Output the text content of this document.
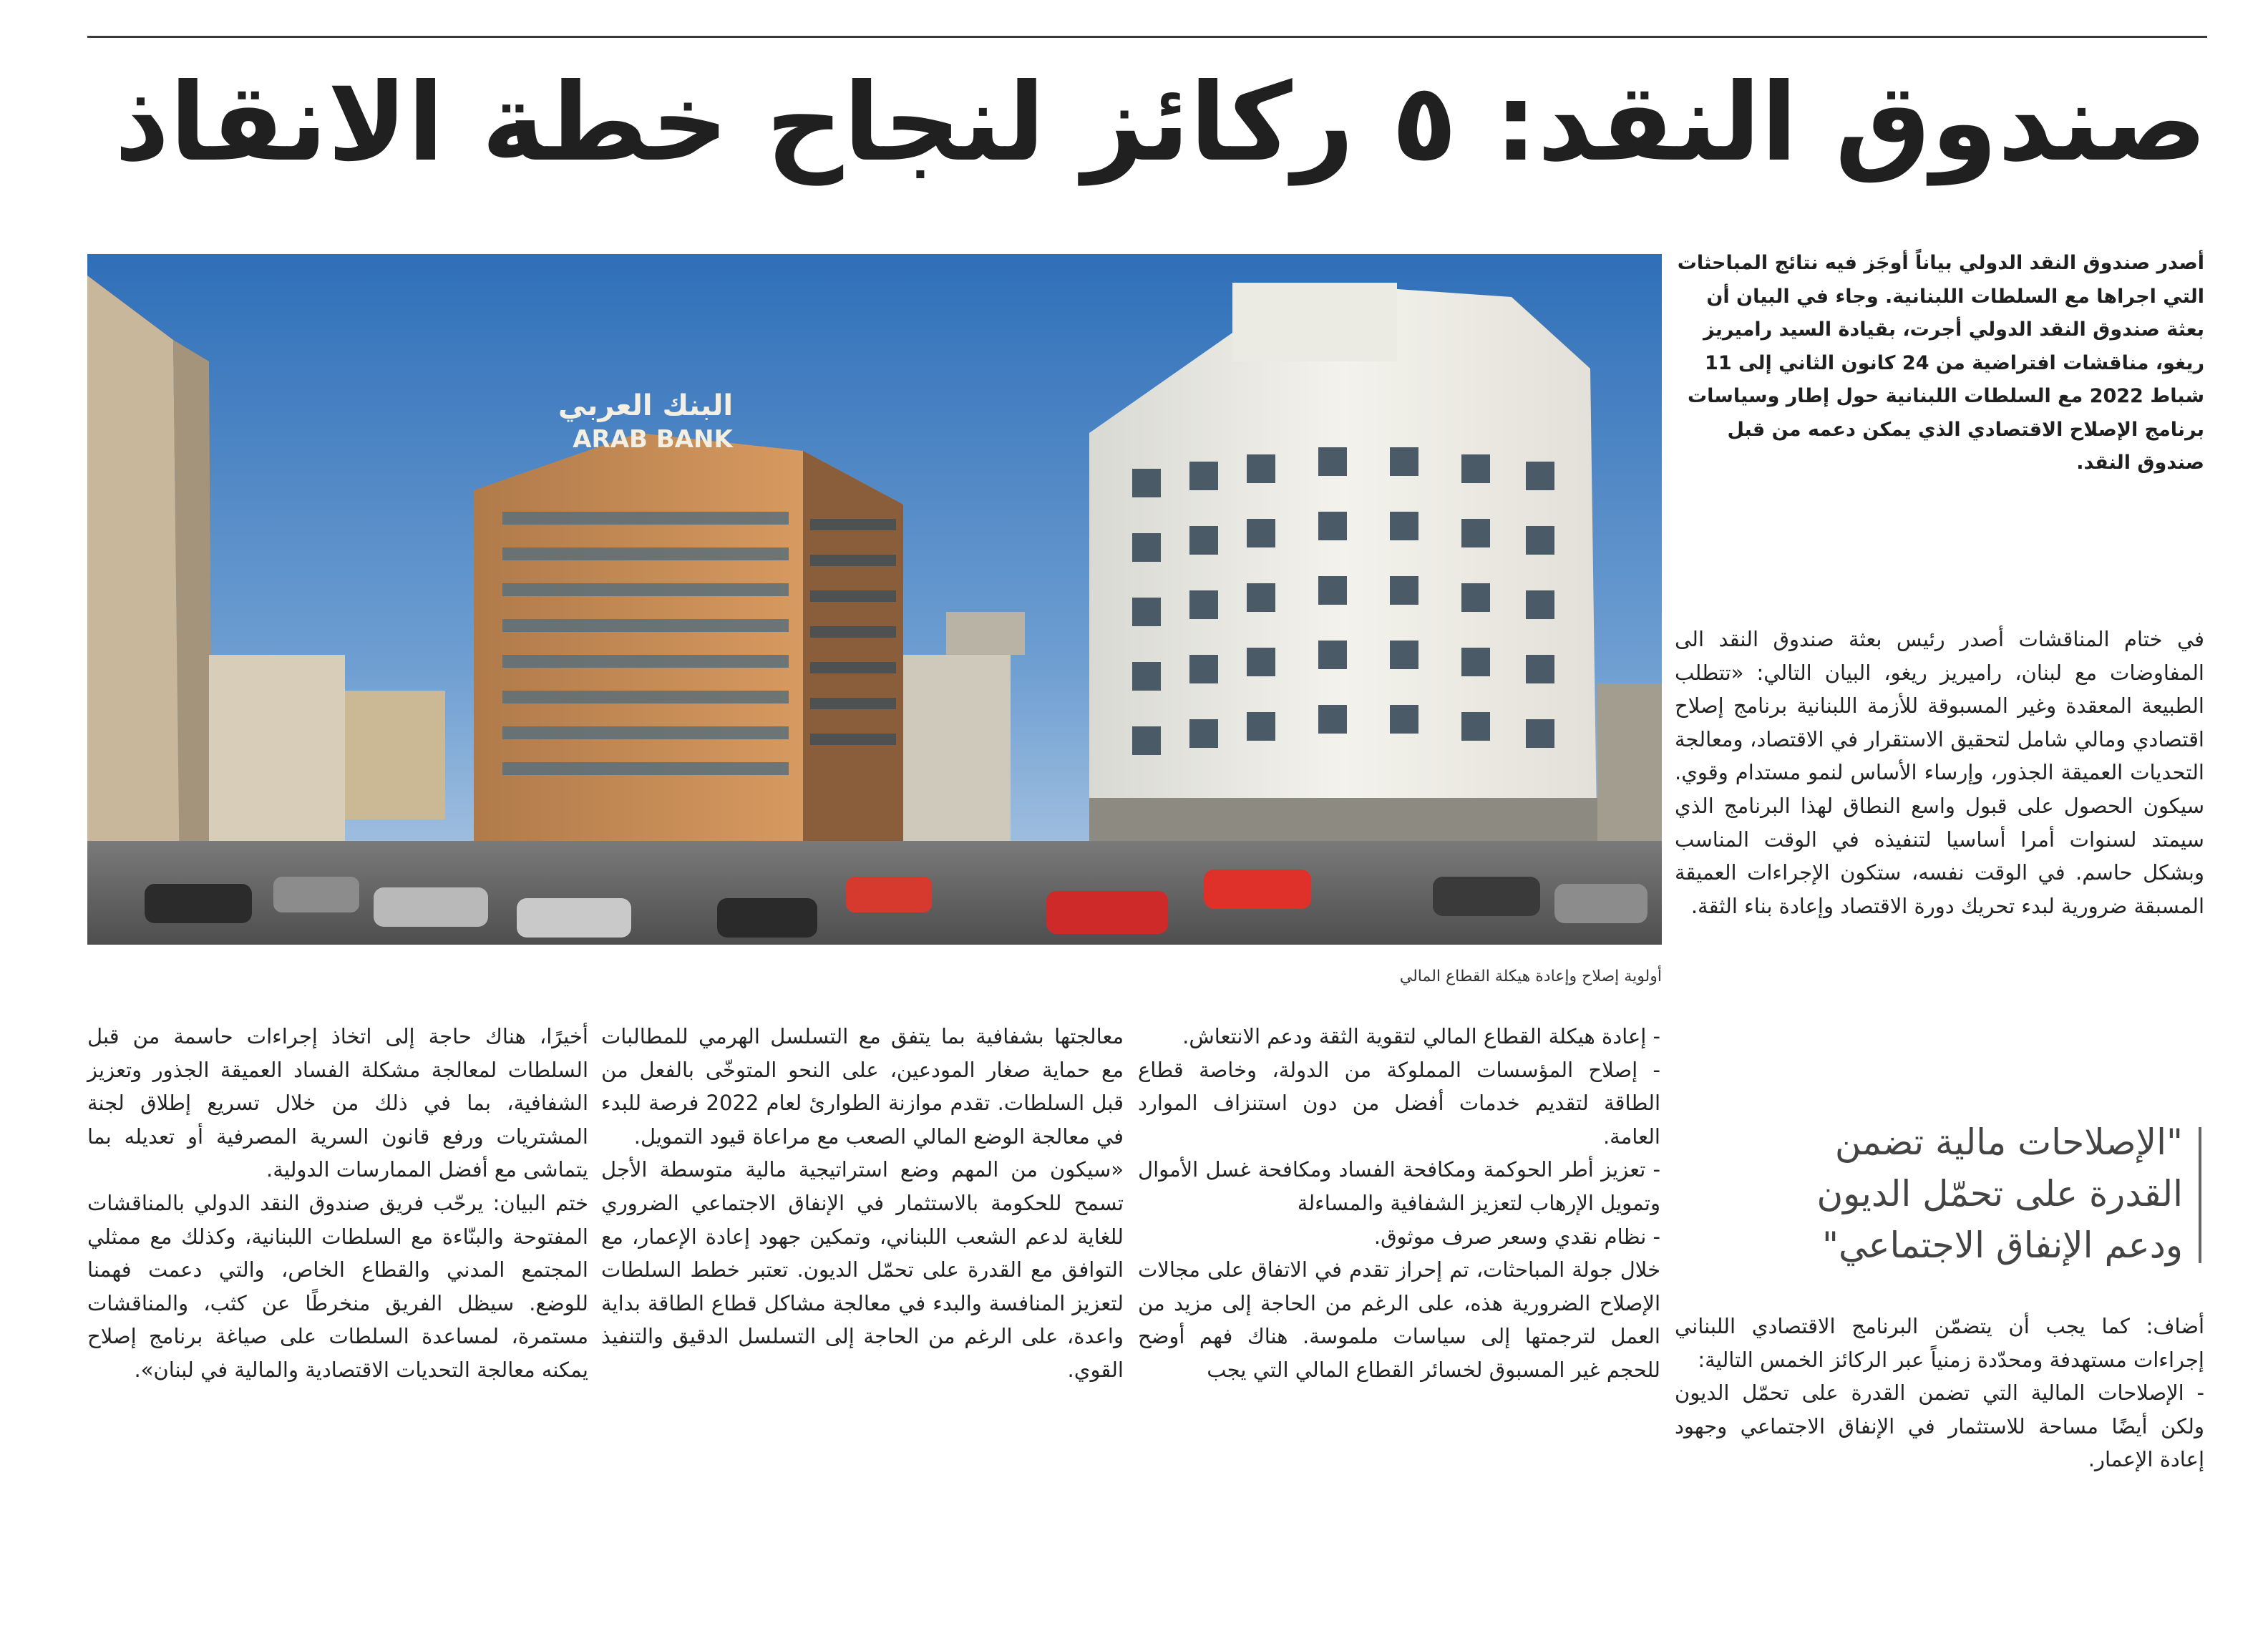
صندوق النقد: ٥ ركائز لنجاح خطة الانقاذ
أصدر صندوق النقد الدولي بياناً أوجَز فيه نتائج المباحثات التي اجراها مع السلطات اللبنانية. وجاء في البيان أن بعثة صندوق النقد الدولي أجرت، بقيادة السيد راميريز ريغو، مناقشات افتراضية من 24 كانون الثاني إلى 11 شباط 2022 مع السلطات اللبنانية حول إطار وسياسات برنامج الإصلاح الاقتصادي الذي يمكن دعمه من قبل صندوق النقد.
البنك العربي
ARAB BANK
أولوية إصلاح وإعادة هيكلة القطاع المالي

في ختام المناقشات أصدر رئيس بعثة صندوق النقد الى المفاوضات مع لبنان، راميريز ريغو، البيان التالي: «تتطلب الطبيعة المعقدة وغير المسبوقة للأزمة اللبنانية برنامج إصلاح اقتصادي ومالي شامل لتحقيق الاستقرار في الاقتصاد، ومعالجة التحديات العميقة الجذور، وإرساء الأساس لنمو مستدام وقوي. سيكون الحصول على قبول واسع النطاق لهذا البرنامج الذي سيمتد لسنوات أمرا أساسيا لتنفيذه في الوقت المناسب وبشكل حاسم. في الوقت نفسه، ستكون الإجراءات العميقة المسبقة ضرورية لبدء تحريك دورة الاقتصاد وإعادة بناء الثقة.

"الإصلاحات مالية تضمن القدرة على تحمّل الديون ودعم الإنفاق الاجتماعي"

أضاف: كما يجب أن يتضمّن البرنامج الاقتصادي اللبناني إجراءات مستهدفة ومحدّدة زمنياً عبر الركائز الخمس التالية:

- الإصلاحات المالية التي تضمن القدرة على تحمّل الديون ولكن أيضًا مساحة للاستثمار في الإنفاق الاجتماعي وجهود إعادة الإعمار.

- إعادة هيكلة القطاع المالي لتقوية الثقة ودعم الانتعاش.

- إصلاح المؤسسات المملوكة من الدولة، وخاصة قطاع الطاقة لتقديم خدمات أفضل من دون استنزاف الموارد العامة.

- تعزيز أطر الحوكمة ومكافحة الفساد ومكافحة غسل الأموال وتمويل الإرهاب لتعزيز الشفافية والمساءلة

- نظام نقدي وسعر صرف موثوق.

خلال جولة المباحثات، تم إحراز تقدم في الاتفاق على مجالات الإصلاح الضرورية هذه، على الرغم من الحاجة إلى مزيد من العمل لترجمتها إلى سياسات ملموسة. هناك فهم أوضح للحجم غير المسبوق لخسائر القطاع المالي التي يجب

معالجتها بشفافية بما يتفق مع التسلسل الهرمي للمطالبات مع حماية صغار المودعين، على النحو المتوخّى بالفعل من قبل السلطات. تقدم موازنة الطوارئ لعام 2022 فرصة للبدء في معالجة الوضع المالي الصعب مع مراعاة قيود التمويل.

«سيكون من المهم وضع استراتيجية مالية متوسطة الأجل تسمح للحكومة بالاستثمار في الإنفاق الاجتماعي الضروري للغاية لدعم الشعب اللبناني، وتمكين جهود إعادة الإعمار، مع التوافق مع القدرة على تحمّل الديون. تعتبر خطط السلطات لتعزيز المنافسة والبدء في معالجة مشاكل قطاع الطاقة بداية واعدة، على الرغم من الحاجة إلى التسلسل الدقيق والتنفيذ القوي.

أخيرًا، هناك حاجة إلى اتخاذ إجراءات حاسمة من قبل السلطات لمعالجة مشكلة الفساد العميقة الجذور وتعزيز الشفافية، بما في ذلك من خلال تسريع إطلاق لجنة المشتريات ورفع قانون السرية المصرفية أو تعديله بما يتماشى مع أفضل الممارسات الدولية.

ختم البيان: يرحّب فريق صندوق النقد الدولي بالمناقشات المفتوحة والبنّاءة مع السلطات اللبنانية، وكذلك مع ممثلي المجتمع المدني والقطاع الخاص، والتي دعمت فهمنا للوضع. سيظل الفريق منخرطًا عن كثب، والمناقشات مستمرة، لمساعدة السلطات على صياغة برنامج إصلاح يمكنه معالجة التحديات الاقتصادية والمالية في لبنان».
